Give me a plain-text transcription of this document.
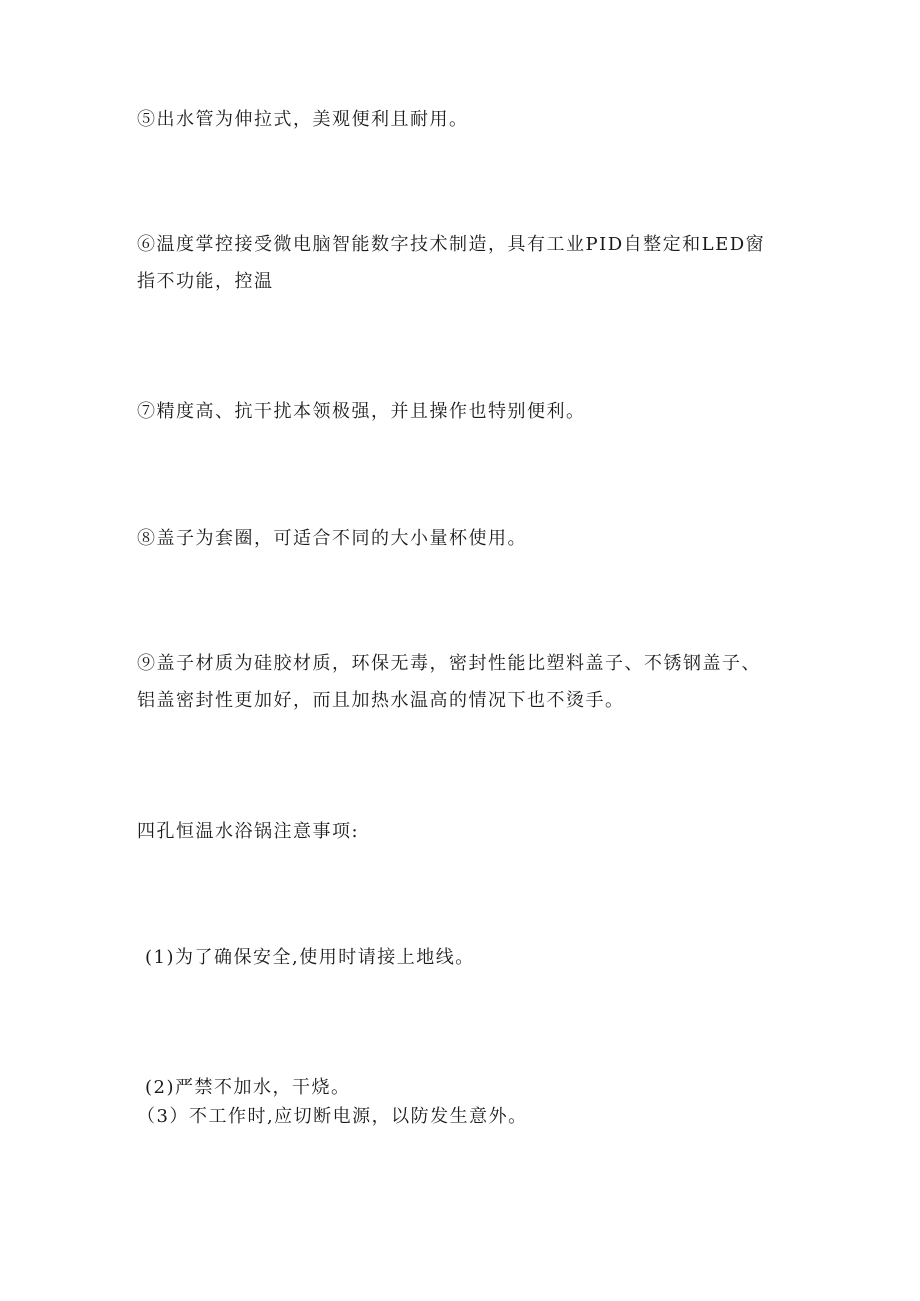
⑤出水管为伸拉式，美观便利且耐用。
⑥温度掌控接受微电脑智能数字技术制造，具有工业PID自整定和LED窗
指不功能，控温
⑦精度高、抗干扰本领极强，并且操作也特别便利。
⑧盖子为套圈，可适合不同的大小量杯使用。
⑨盖子材质为硅胶材质，环保无毒，密封性能比塑料盖子、不锈钢盖子、
铝盖密封性更加好，而且加热水温高的情况下也不烫手。
四孔恒温水浴锅注意事项:
(1)为了确保安全,使用时请接上地线。
(2)严禁不加水，干烧。
（3）不工作时,应切断电源，以防发生意外。
